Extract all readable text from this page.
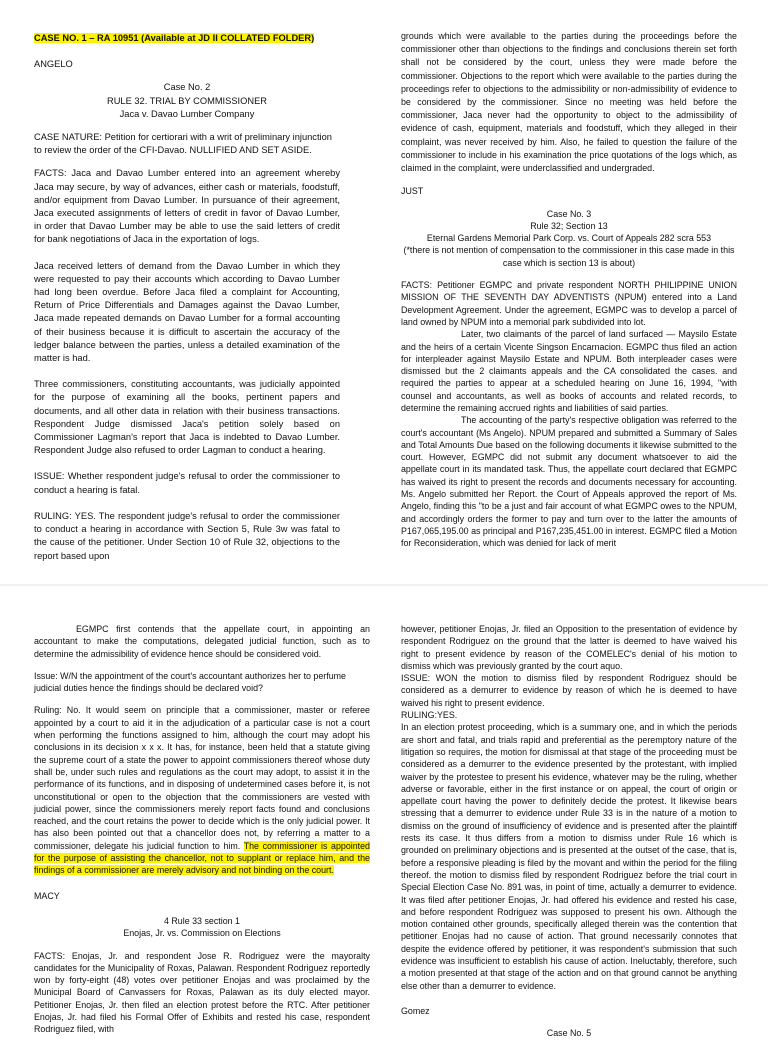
CASE NO. 1 – RA 10951 (Available at JD II COLLATED FOLDER)

ANGELO

Case No. 2

RULE 32. TRIAL BY COMMISSIONER

Jaca v. Davao Lumber Company

CASE NATURE: Petition for certiorari with a writ of preliminary injunction to review the order of the CFI-Davao. NULLIFIED AND SET ASIDE.

FACTS: Jaca and Davao Lumber entered into an agreement whereby Jaca may secure, by way of advances, either cash or materials, foodstuff, and/or equipment from Davao Lumber. In pursuance of their agreement, Jaca executed assignments of letters of credit in favor of Davao Lumber, in order that Davao Lumber may be able to use the said letters of credit for bank negotiations of Jaca in the exportation of logs.

Jaca received letters of demand from the Davao Lumber in which they were requested to pay their accounts which according to Davao Lumber had long been overdue. Before Jaca filed a complaint for Accounting, Return of Price Differentials and Damages against the Davao Lumber, Jaca made repeated demands on Davao Lumber for a formal accounting of their business because it is difficult to ascertain the accuracy of the ledger balance between the parties, unless a detailed examination of the matter is had.

Three commissioners, constituting accountants, was judicially appointed for the purpose of examining all the books, pertinent papers and documents, and all other data in relation with their business transactions. Respondent Judge dismissed Jaca's petition solely based on Commissioner Lagman's report that Jaca is indebted to Davao Lumber. Respondent Judge also refused to order Lagman to conduct a hearing.

ISSUE: Whether respondent judge's refusal to order the commissioner to conduct a hearing is fatal.

RULING: YES. The respondent judge's refusal to order the commissioner to conduct a hearing in accordance with Section 5, Rule 3w was fatal to the cause of the petitioner. Under Section 10 of Rule 32, objections to the report based upon

grounds which were available to the parties during the proceedings before the commissioner other than objections to the findings and conclusions therein set forth shall not be considered by the court, unless they were made before the commissioner. Objections to the report which were available to the parties during the proceedings refer to objections to the admissibility or non-admissibility of evidence to be considered by the commissioner. Since no meeting was held before the commissioner, Jaca never had the opportunity to object to the admissibility of evidence of cash, equipment, materials and foodstuff, which they alleged in their complaint, was never received by him. Also, he failed to question the failure of the commissioner to include in his examination the price quotations of the logs which, as claimed in the complaint, were underclassified and undergraded.

JUST

Case No. 3

Rule 32; Section 13

Eternal Gardens Memorial Park Corp. vs. Court of Appeals 282 scra 553

(*there is not mention of compensation to the commissioner in this case made in this case which is section 13 is about)

FACTS: Petitioner EGMPC and private respondent NORTH PHILIPPINE UNION MISSION OF THE SEVENTH DAY ADVENTISTS (NPUM) entered into a Land Development Agreement. Under the agreement, EGMPC was to develop a parcel of land owned by NPUM into a memorial park subdivided into lot.

Later, two claimants of the parcel of land surfaced — Maysilo Estate and the heirs of a certain Vicente Singson Encarnacion. EGMPC thus filed an action for interpleader against Maysilo Estate and NPUM. Both interpleader cases were dismissed but the 2 claimants appeals and the CA consolidated the cases. and required the parties to appear at a scheduled hearing on June 16, 1994, "with counsel and accountants, as well as books of accounts and related records, to determine the remaining accrued rights and liabilities of said parties.

The accounting of the party's respective obligation was referred to the court's accountant (Ms Angelo). NPUM prepared and submitted a Summary of Sales and Total Amounts Due based on the following documents it likewise submitted to the court. However, EGMPC did not submit any document whatsoever to aid the appellate court in its mandated task. Thus, the appellate court declared that EGMPC has waived its right to present the records and documents necessary for accounting. Ms. Angelo submitted her Report. the Court of Appeals approved the report of Ms. Angelo, finding this "to be a just and fair account of what EGMPC owes to the NPUM, and accordingly orders the former to pay and turn over to the latter the amounts of P167,065,195.00 as principal and P167,235,451.00 in interest. EGMPC filed a Motion for Reconsideration, which was denied for lack of merit

EGMPC first contends that the appellate court, in appointing an accountant to make the computations, delegated judicial function, such as to determine the admissibility of evidence hence should be considered void.

Issue: W/N the appointment of the court's accountant authorizes her to perfume judicial duties hence the findings should be declared void?

Ruling: No. It would seem on principle that a commissioner, master or referee appointed by a court to aid it in the adjudication of a particular case is not a court when performing the functions assigned to him, although the court may adopt his conclusions in its decision x x x. It has, for instance, been held that a statute giving the supreme court of a state the power to appoint commissioners thereof whose duty shall be, under such rules and regulations as the court may adopt, to assist it in the performance of its functions, and in disposing of undetermined cases before it, is not unconstitutional or open to the objection that the commissioners are vested with judicial power, since the commissioners merely report facts found and conclusions reached, and the court retains the power to decide which is the only judicial power. It has also been pointed out that a chancellor does not, by referring a matter to a commissioner, delegate his judicial function to him. The commissioner is appointed for the purpose of assisting the chancellor, not to supplant or replace him, and the findings of a commissioner are merely advisory and not binding on the court.

MACY

4 Rule 33 section 1

Enojas, Jr. vs. Commission on Elections

FACTS: Enojas, Jr. and respondent Jose R. Rodriguez were the mayoralty candidates for the Municipality of Roxas, Palawan. Respondent Rodriguez reportedly won by forty-eight (48) votes over petitioner Enojas and was proclaimed by the Municipal Board of Canvassers for Roxas, Palawan as its duly elected mayor. Petitioner Enojas, Jr. then filed an election protest before the RTC. After petitioner Enojas, Jr. had filed his Formal Offer of Exhibits and rested his case, respondent Rodriguez filed, with

however, petitioner Enojas, Jr. filed an Opposition to the presentation of evidence by respondent Rodriguez on the ground that the latter is deemed to have waived his right to present evidence by reason of the COMELEC's denial of his motion to dismiss which was previously granted by the court aquo.

ISSUE: WON the motion to dismiss filed by respondent Rodriguez should be considered as a demurrer to evidence by reason of which he is deemed to have waived his right to present evidence.

RULING:YES.

In an election protest proceeding, which is a summary one, and in which the periods are short and fatal, and trials rapid and preferential as the peremptory nature of the litigation so requires, the motion for dismissal at that stage of the proceeding must be considered as a demurrer to the evidence presented by the protestant, with implied waiver by the protestee to present his evidence, whatever may be the ruling, whether adverse or favorable, either in the first instance or on appeal, the court of origin or appellate court having the power to definitely decide the protest. It likewise bears stressing that a demurrer to evidence under Rule 33 is in the nature of a motion to dismiss on the ground of insufficiency of evidence and is presented after the plaintiff rests its case. It thus differs from a motion to dismiss under Rule 16 which is grounded on preliminary objections and is presented at the outset of the case, that is, before a responsive pleading is filed by the movant and within the period for the filing thereof. the motion to dismiss filed by respondent Rodriguez before the trial court in Special Election Case No. 891 was, in point of time, actually a demurrer to evidence. It was filed after petitioner Enojas, Jr. had offered his evidence and rested his case, and before respondent Rodriguez was supposed to present his own. Although the motion contained other grounds, specifically alleged therein was the contention that petitioner Enojas had no cause of action. That ground necessarily connotes that despite the evidence offered by petitioner, it was respondent's submission that such evidence was insufficient to establish his cause of action. Ineluctably, therefore, such a motion presented at that stage of the action and on that ground cannot be anything else other than a demurrer to evidence.

Gomez

Case No. 5
